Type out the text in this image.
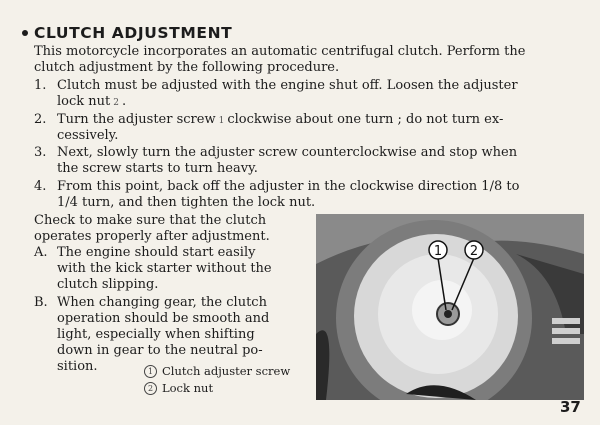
CLUTCH ADJUSTMENT
This motorcycle incorporates an automatic centrifugal clutch. Perform the
clutch adjustment by the following procedure.
1. Clutch must be adjusted with the engine shut off. Loosen the adjuster
lock nut 2 .
2. Turn the adjuster screw 1 clockwise about one turn ; do not turn ex-
cessively.
3. Next, slowly turn the adjuster screw counterclockwise and stop when
the screw starts to turn heavy.
4. From this point, back off the adjuster in the clockwise direction 1/8 to
1/4 turn, and then tighten the lock nut.
Check to make sure that the clutch
operates properly after adjustment.
A. The engine should start easily
with the kick starter without the
clutch slipping.
B. When changing gear, the clutch
operation should be smooth and
light, especially when shifting
down in gear to the neutral po-
sition.
1 2
1 Clutch adjuster screw
2 Lock nut
37
